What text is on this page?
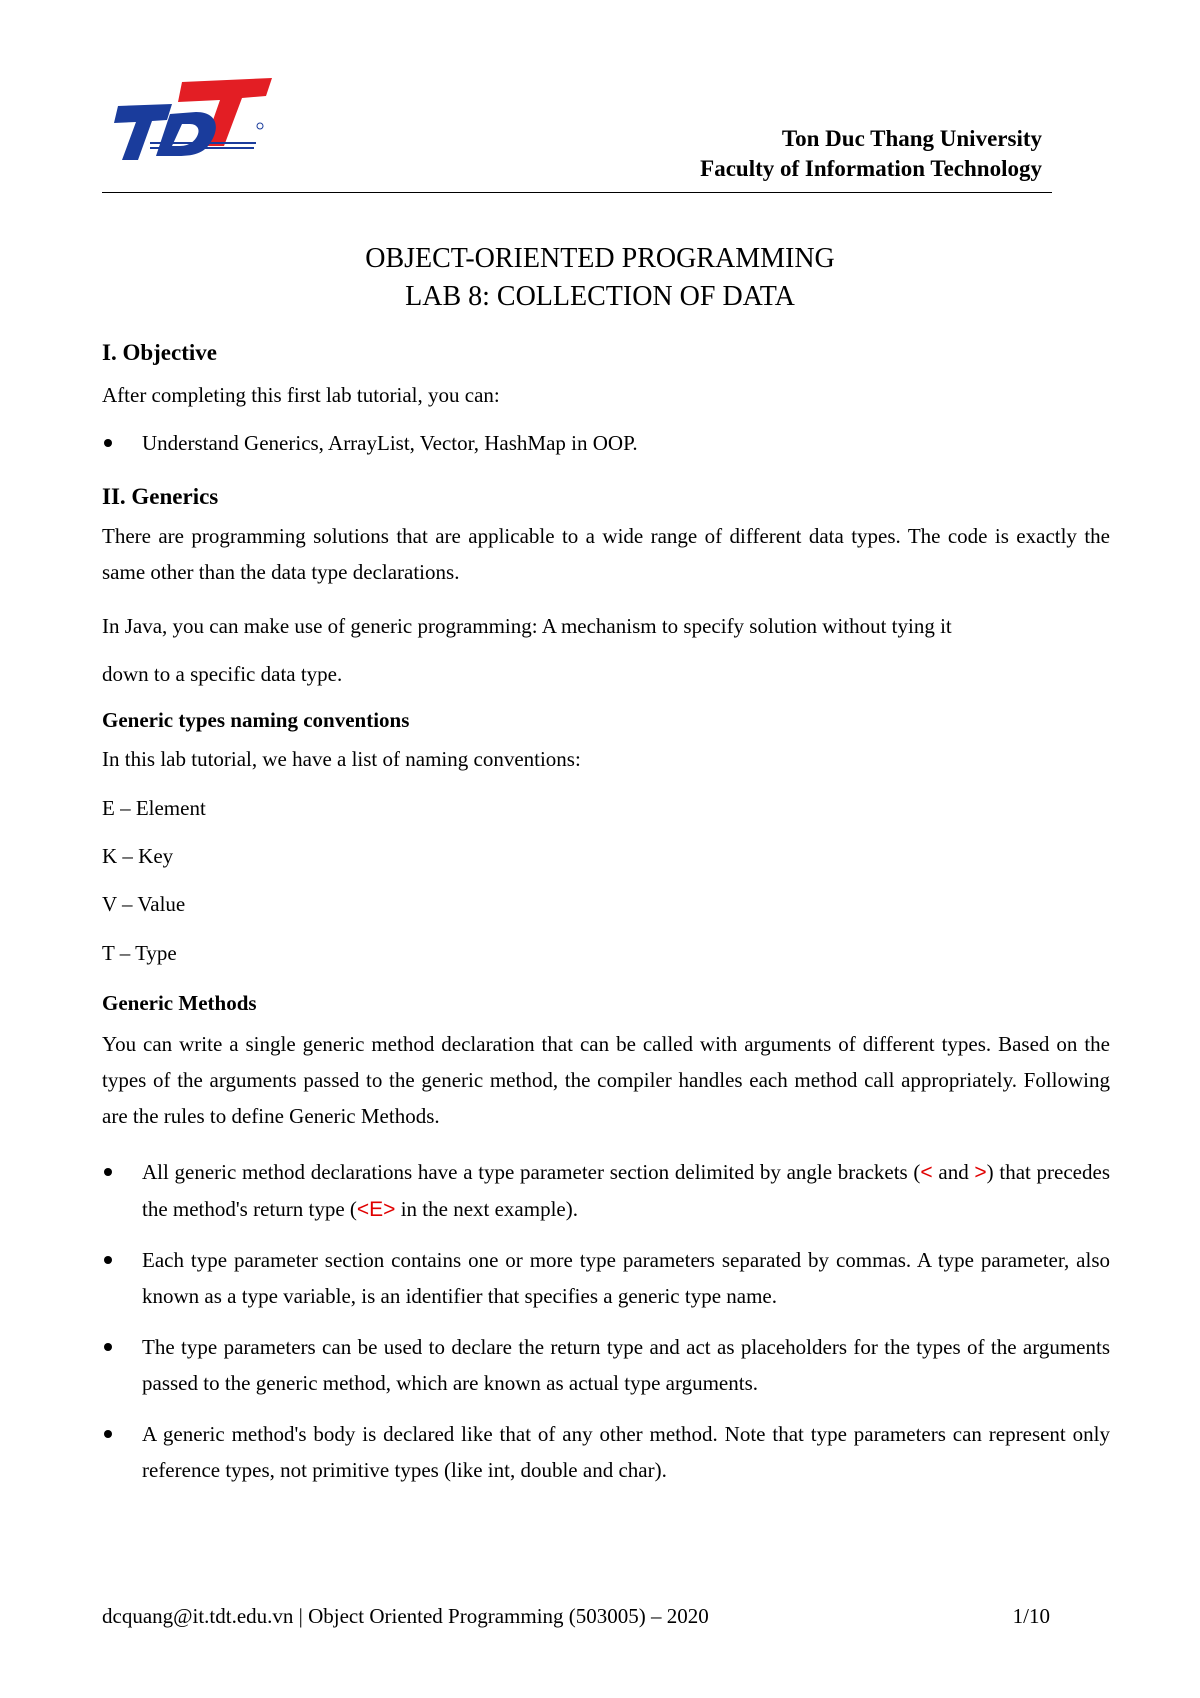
Ton Duc Thang University
Faculty of Information Technology
OBJECT-ORIENTED PROGRAMMING
LAB 8: COLLECTION OF DATA
I. Objective
After completing this first lab tutorial, you can:
Understand Generics, ArrayList, Vector, HashMap in OOP.
II. Generics
There are programming solutions that are applicable to a wide range of different data types. The code is exactly the same other than the data type declarations.
In Java, you can make use of generic programming: A mechanism to specify solution without tying it
down to a specific data type.
Generic types naming conventions
In this lab tutorial, we have a list of naming conventions:
E – Element
K – Key
V – Value
T – Type
Generic Methods
You can write a single generic method declaration that can be called with arguments of different types. Based on the types of the arguments passed to the generic method, the compiler handles each method call appropriately. Following are the rules to define Generic Methods.
All generic method declarations have a type parameter section delimited by angle brackets (< and >) that precedes the method's return type (<E> in the next example).
Each type parameter section contains one or more type parameters separated by commas. A type parameter, also known as a type variable, is an identifier that specifies a generic type name.
The type parameters can be used to declare the return type and act as placeholders for the types of the arguments passed to the generic method, which are known as actual type arguments.
A generic method's body is declared like that of any other method. Note that type parameters can represent only reference types, not primitive types (like int, double and char).
dcquang@it.tdt.edu.vn | Object Oriented Programming (503005) – 2020	1/10
